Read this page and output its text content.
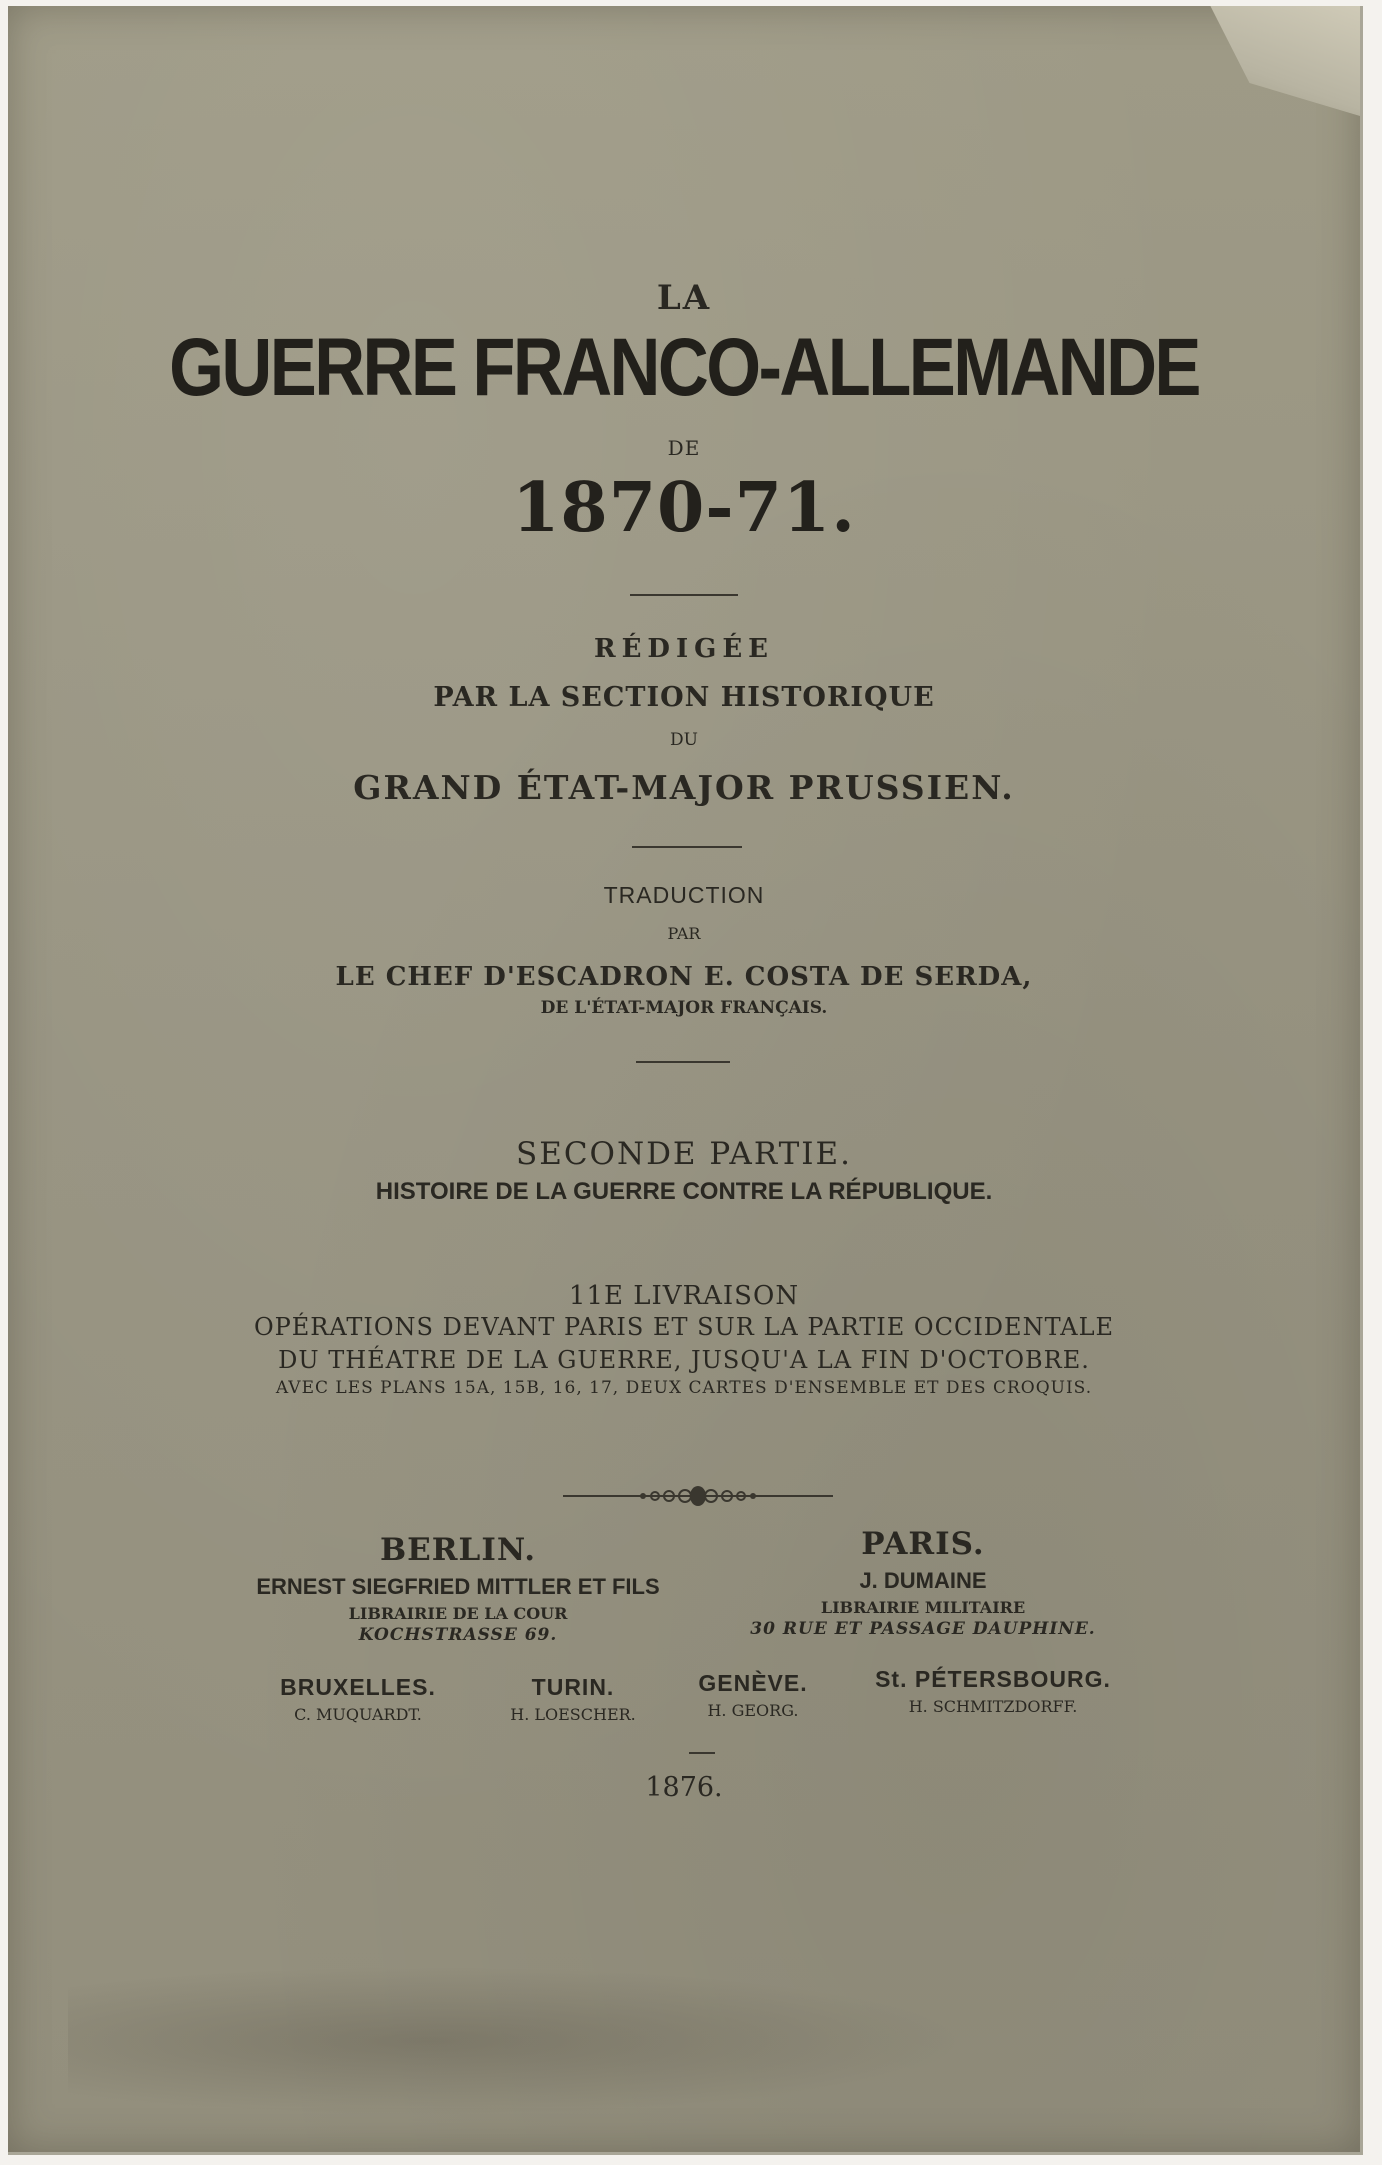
LA
GUERRE FRANCO-ALLEMANDE
DE
1870-71.
RÉDIGÉE
PAR LA SECTION HISTORIQUE
DU
GRAND ÉTAT-MAJOR PRUSSIEN.
TRADUCTION
PAR
LE CHEF D'ESCADRON E. COSTA DE SERDA,
DE L'ÉTAT-MAJOR FRANÇAIS.
SECONDE PARTIE.
HISTOIRE DE LA GUERRE CONTRE LA RÉPUBLIQUE.
11E LIVRAISON
OPÉRATIONS DEVANT PARIS ET SUR LA PARTIE OCCIDENTALE
DU THÉATRE DE LA GUERRE, JUSQU'A LA FIN D'OCTOBRE.
AVEC LES PLANS 15A, 15B, 16, 17, DEUX CARTES D'ENSEMBLE ET DES CROQUIS.
BERLIN.
ERNEST SIEGFRIED MITTLER ET FILS
LIBRAIRIE DE LA COUR
KOCHSTRASSE 69.
PARIS.
J. DUMAINE
LIBRAIRIE MILITAIRE
30 RUE ET PASSAGE DAUPHINE.
BRUXELLES.
C. MUQUARDT.
TURIN.
H. LOESCHER.
GENÈVE.
H. GEORG.
St. PÉTERSBOURG.
H. SCHMITZDORFF.
1876.
